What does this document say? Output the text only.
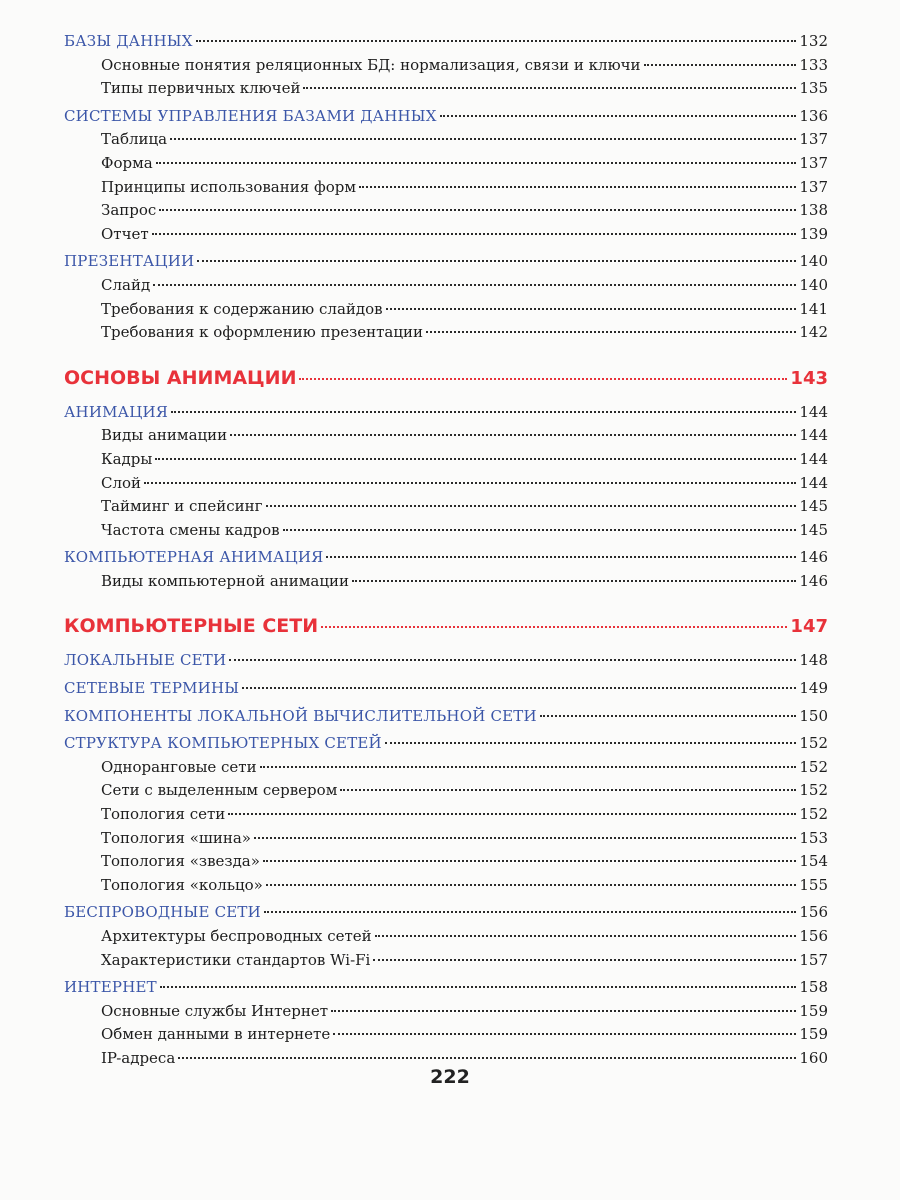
БАЗЫ ДАННЫХ	132
Основные понятия реляционных БД: нормализация, связи и ключи	133
Типы первичных ключей	135
СИСТЕМЫ УПРАВЛЕНИЯ БАЗАМИ ДАННЫХ	136
Таблица	137
Форма	137
Принципы использования форм	137
Запрос	138
Отчет	139
ПРЕЗЕНТАЦИИ	140
Слайд	140
Требования к содержанию слайдов	141
Требования к оформлению презентации	142
ОСНОВЫ АНИМАЦИИ	143
АНИМАЦИЯ	144
Виды анимации	144
Кадры	144
Слой	144
Тайминг и спейсинг	145
Частота смены кадров	145
КОМПЬЮТЕРНАЯ АНИМАЦИЯ	146
Виды компьютерной анимации	146
КОМПЬЮТЕРНЫЕ СЕТИ	147
ЛОКАЛЬНЫЕ СЕТИ	148
СЕТЕВЫЕ ТЕРМИНЫ	149
КОМПОНЕНТЫ ЛОКАЛЬНОЙ ВЫЧИСЛИТЕЛЬНОЙ СЕТИ	150
СТРУКТУРА КОМПЬЮТЕРНЫХ СЕТЕЙ	152
Одноранговые сети	152
Сети с выделенным сервером	152
Топология сети	152
Топология «шина»	153
Топология «звезда»	154
Топология «кольцо»	155
БЕСПРОВОДНЫЕ СЕТИ	156
Архитектуры беспроводных сетей	156
Характеристики стандартов Wi-Fi	157
ИНТЕРНЕТ	158
Основные службы Интернет	159
Обмен данными в интернете	159
IP-адреса	160
222
